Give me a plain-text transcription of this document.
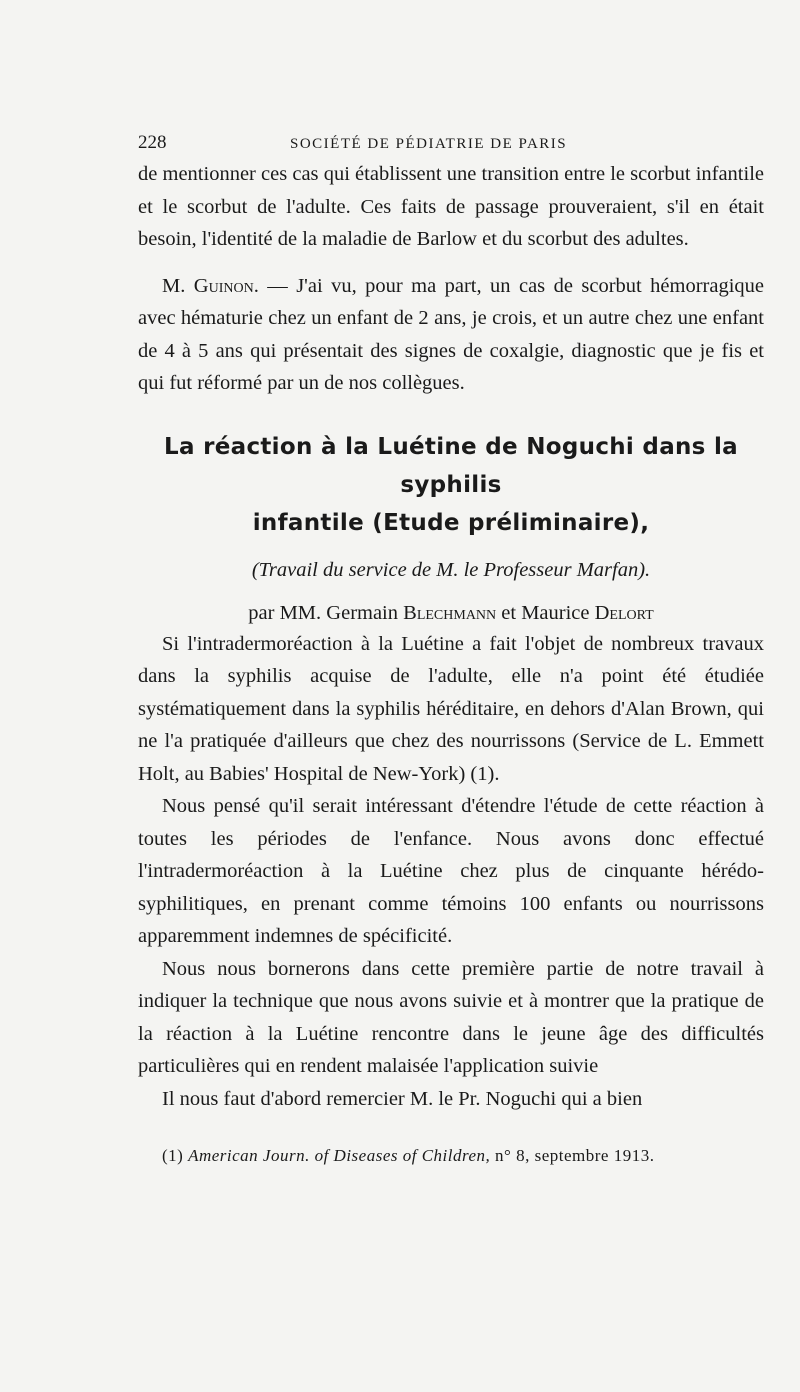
228	SOCIÉTÉ DE PÉDIATRIE DE PARIS

de mentionner ces cas qui établissent une transition entre le scorbut infantile et le scorbut de l'adulte. Ces faits de passage prouveraient, s'il en était besoin, l'identité de la maladie de Barlow et du scorbut des adultes.

M. Guinon. — J'ai vu, pour ma part, un cas de scorbut hémorragique avec hématurie chez un enfant de 2 ans, je crois, et un autre chez une enfant de 4 à 5 ans qui présentait des signes de coxalgie, diagnostic que je fis et qui fut réformé par un de nos collègues.

La réaction à la Luétine de Noguchi dans la syphilis
infantile (Etude préliminaire),
(Travail du service de M. le Professeur Marfan).
par MM. Germain Blechmann et Maurice Delort

Si l'intradermoréaction à la Luétine a fait l'objet de nombreux travaux dans la syphilis acquise de l'adulte, elle n'a point été étudiée systématiquement dans la syphilis héréditaire, en dehors d'Alan Brown, qui ne l'a pratiquée d'ailleurs que chez des nourrissons (Service de L. Emmett Holt, au Babies' Hospital de New-York) (1).

Nous pensé qu'il serait intéressant d'étendre l'étude de cette réaction à toutes les périodes de l'enfance. Nous avons donc effectué l'intradermoréaction à la Luétine chez plus de cinquante hérédo-syphilitiques, en prenant comme témoins 100 enfants ou nourrissons apparemment indemnes de spécificité.

Nous nous bornerons dans cette première partie de notre travail à indiquer la technique que nous avons suivie et à montrer que la pratique de la réaction à la Luétine rencontre dans le jeune âge des difficultés particulières qui en rendent malaisée l'application suivie

Il nous faut d'abord remercier M. le Pr. Noguchi qui a bien

(1) American Journ. of Diseases of Children, n° 8, septembre 1913.
